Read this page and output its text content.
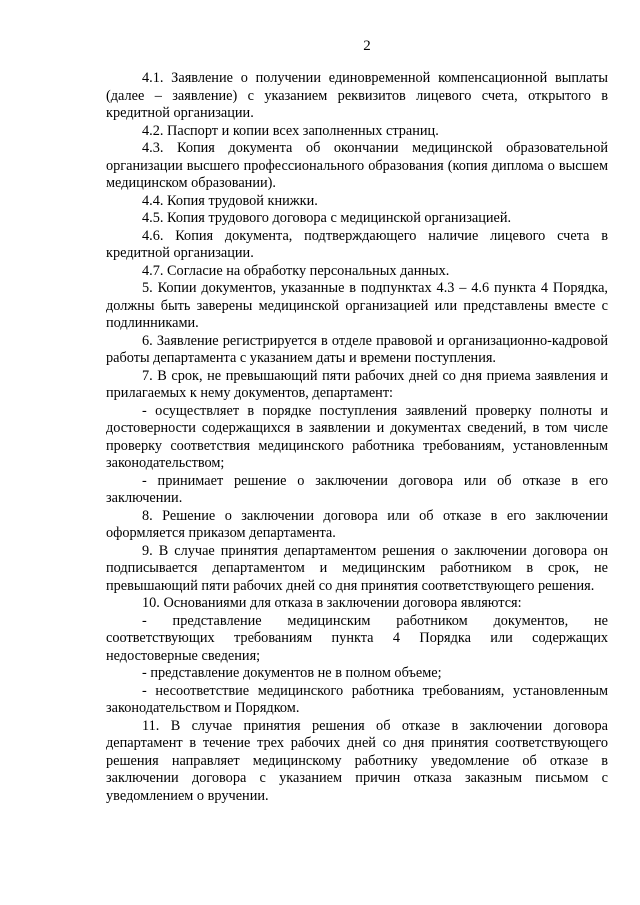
2

4.1. Заявление о получении единовременной компенсационной выплаты (далее – заявление) с указанием реквизитов лицевого счета, открытого в кредитной организации.

4.2. Паспорт и копии всех заполненных страниц.

4.3. Копия документа об окончании медицинской образовательной организации высшего профессионального образования (копия диплома о высшем медицинском образовании).

4.4. Копия трудовой книжки.

4.5. Копия трудового договора с медицинской организацией.

4.6. Копия документа, подтверждающего наличие лицевого счета в кредитной организации.

4.7. Согласие на обработку персональных данных.

5. Копии документов, указанные в подпунктах 4.3 – 4.6 пункта 4 Порядка, должны быть заверены медицинской организацией или представлены вместе с подлинниками.

6. Заявление регистрируется в отделе правовой и организационно-кадровой работы департамента с указанием даты и времени поступления.

7. В срок, не превышающий пяти рабочих дней со дня приема заявления и прилагаемых к нему документов, департамент:

- осуществляет в порядке поступления заявлений проверку полноты и достоверности содержащихся в заявлении и документах сведений, в том числе проверку соответствия медицинского работника требованиям, установленным законодательством;

- принимает решение о заключении договора или об отказе в его заключении.

8. Решение о заключении договора или об отказе в его заключении оформляется приказом департамента.

9. В случае принятия департаментом решения о заключении договора он подписывается департаментом и медицинским работником в срок, не превышающий пяти рабочих дней со дня принятия соответствующего решения.

10. Основаниями для отказа в заключении договора являются:

- представление медицинским работником документов, не соответствующих требованиям пункта 4 Порядка или содержащих недостоверные сведения;

- представление документов не в полном объеме;

- несоответствие медицинского работника требованиям, установленным законодательством и Порядком.

11. В случае принятия решения об отказе в заключении договора департамент в течение трех рабочих дней со дня принятия соответствующего решения направляет медицинскому работнику уведомление об отказе в заключении договора с указанием причин отказа заказным письмом с уведомлением о вручении.
